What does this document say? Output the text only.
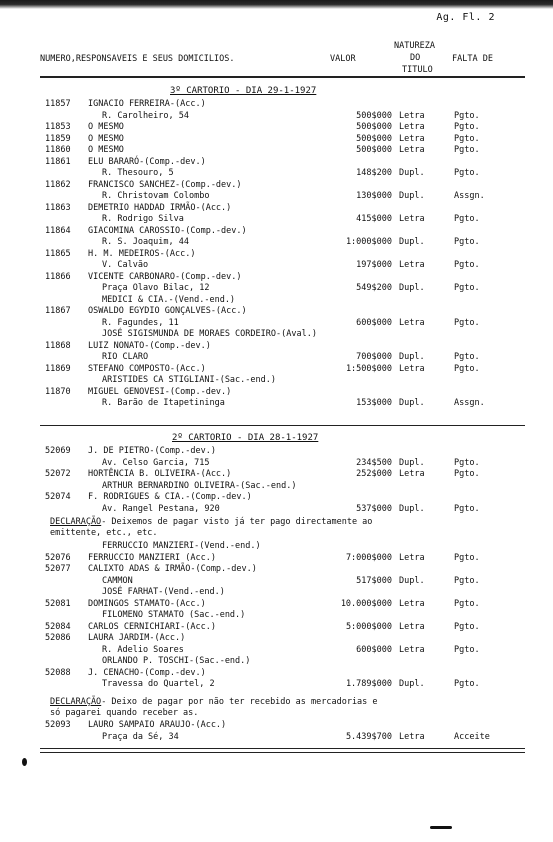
Ag. Fl. 2
NUMERO,RESPONSAVEIS E SEUS DOMICILIOS.	VALOR
NATUREZA
DO
TITULO
FALTA DE
3º CARTORIO - DIA 29-1-1927
11857 IGNACIO FERREIRA-(Acc.)
R. Carolheiro, 54	500$000 Letra	Pgto.
11853 O MESMO	500$000 Letra	Pgto.
11859 O MESMO	500$000 Letra	Pgto.
11860 O MESMO	500$000 Letra	Pgto.
11861 ELU BARARÓ-(Comp.-dev.)
R. Thesouro, 5	148$200 Dupl.	Pgto.
11862 FRANCISCO SANCHEZ-(Comp.-dev.)
R. Christovam Colombo	130$000 Dupl.	Assgn.
11863 DEMETRIO HADDAD IRMÃO-(Acc.)
R. Rodrigo Silva	415$000 Letra	Pgto.
11864 GIACOMINA CAROSSIO-(Comp.-dev.)
R. S. Joaquim, 44	1:000$000 Dupl.	Pgto.
11865 H. M. MEDEIROS-(Acc.)
V. Calvão	197$000 Letra	Pgto.
11866 VICENTE CARBONARO-(Comp.-dev.)
Praça Olavo Bilac, 12	549$200 Dupl.	Pgto.
MEDICI & CIA.-(Vend.-end.)
11867 OSWALDO EGYDIO GONÇALVES-(Acc.)
R. Fagundes, 11	600$000 Letra	Pgto.
JOSÉ SIGISMUNDA DE MORAES CORDEIRO-(Aval.)
11868 LUIZ NONATO-(Comp.-dev.)
RIO CLARO	700$000 Dupl.	Pgto.
11869 STEFANO COMPOSTO-(Acc.)	1:500$000 Letra	Pgto.
ARISTIDES CA STIGLIANI-(Sac.-end.)
11870 MIGUEL GENOVESI-(Comp.-dev.)
R. Barão de Itapetininga	153$000 Dupl.	Assgn.
2º CARTORIO - DIA 28-1-1927
52069 J. DE PIETRO-(Comp.-dev.)
Av. Celso Garcia, 715	234$500 Dupl.	Pgto.
52072 HORTÊNCIA B. OLIVEIRA-(Acc.)	252$000 Letra	Pgto.
ARTHUR BERNARDINO OLIVEIRA-(Sac.-end.)
52074 F. RODRIGUES & CIA.-(Comp.-dev.)
Av. Rangel Pestana, 920	537$000 Dupl.	Pgto.
DECLARAÇÃO- Deixemos de pagar visto já ter pago directamente ao
emittente, etc., etc.
FERRUCCIO MANZIERI-(Vend.-end.)
52076 FERRUCCIO MANZIERI (Acc.)	7:000$000 Letra	Pgto.
52077 CALIXTO ADAS & IRMÃO-(Comp.-dev.)
CAMMON	517$000 Dupl.	Pgto.
JOSÉ FARHAT-(Vend.-end.)
52081 DOMINGOS STAMATO-(Acc.)	10.000$000 Letra	Pgto.
FILOMENO STAMATO (Sac.-end.)
52084 CARLOS CERNICHIARI-(Acc.)	5:000$000 Letra	Pgto.
52086 LAURA JARDIM-(Acc.)
R. Adelio Soares	600$000 Letra	Pgto.
ORLANDO P. TOSCHI-(Sac.-end.)
52088 J. CENACHO-(Comp.-dev.)
Travessa do Quartel, 2	1.789$000 Dupl.	Pgto.
DECLARAÇÃO- Deixo de pagar por não ter recebido as mercadorias e
só pagarei quando receber as.
52093 LAURO SAMPAIO ARAUJO-(Acc.)
Praça da Sé, 34	5.439$700 Letra	Acceite
